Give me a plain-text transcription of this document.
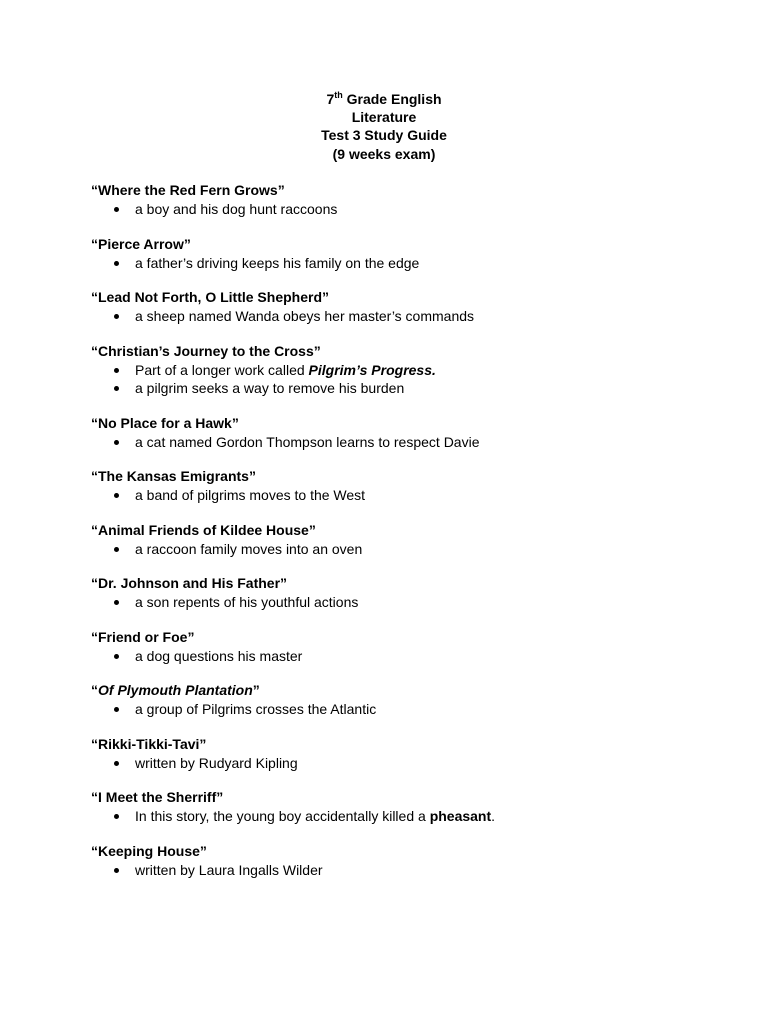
7th Grade English
Literature
Test 3 Study Guide
(9 weeks exam)
“Where the Red Fern Grows”
a boy and his dog hunt raccoons
“Pierce Arrow”
a father’s driving keeps his family on the edge
“Lead Not Forth, O Little Shepherd”
a sheep named Wanda obeys her master’s commands
“Christian’s Journey to the Cross”
Part of a longer work called Pilgrim’s Progress.
a pilgrim seeks a way to remove his burden
“No Place for a Hawk”
a cat named Gordon Thompson learns to respect Davie
“The Kansas Emigrants”
a band of pilgrims moves to the West
“Animal Friends of Kildee House”
a raccoon family moves into an oven
“Dr. Johnson and His Father”
a son repents of his youthful actions
“Friend or Foe”
a dog questions his master
“Of Plymouth Plantation”
a group of Pilgrims crosses the Atlantic
“Rikki-Tikki-Tavi”
written by Rudyard Kipling
“I Meet the Sherriff”
In this story, the young boy accidentally killed a pheasant.
“Keeping House”
written by Laura Ingalls Wilder
